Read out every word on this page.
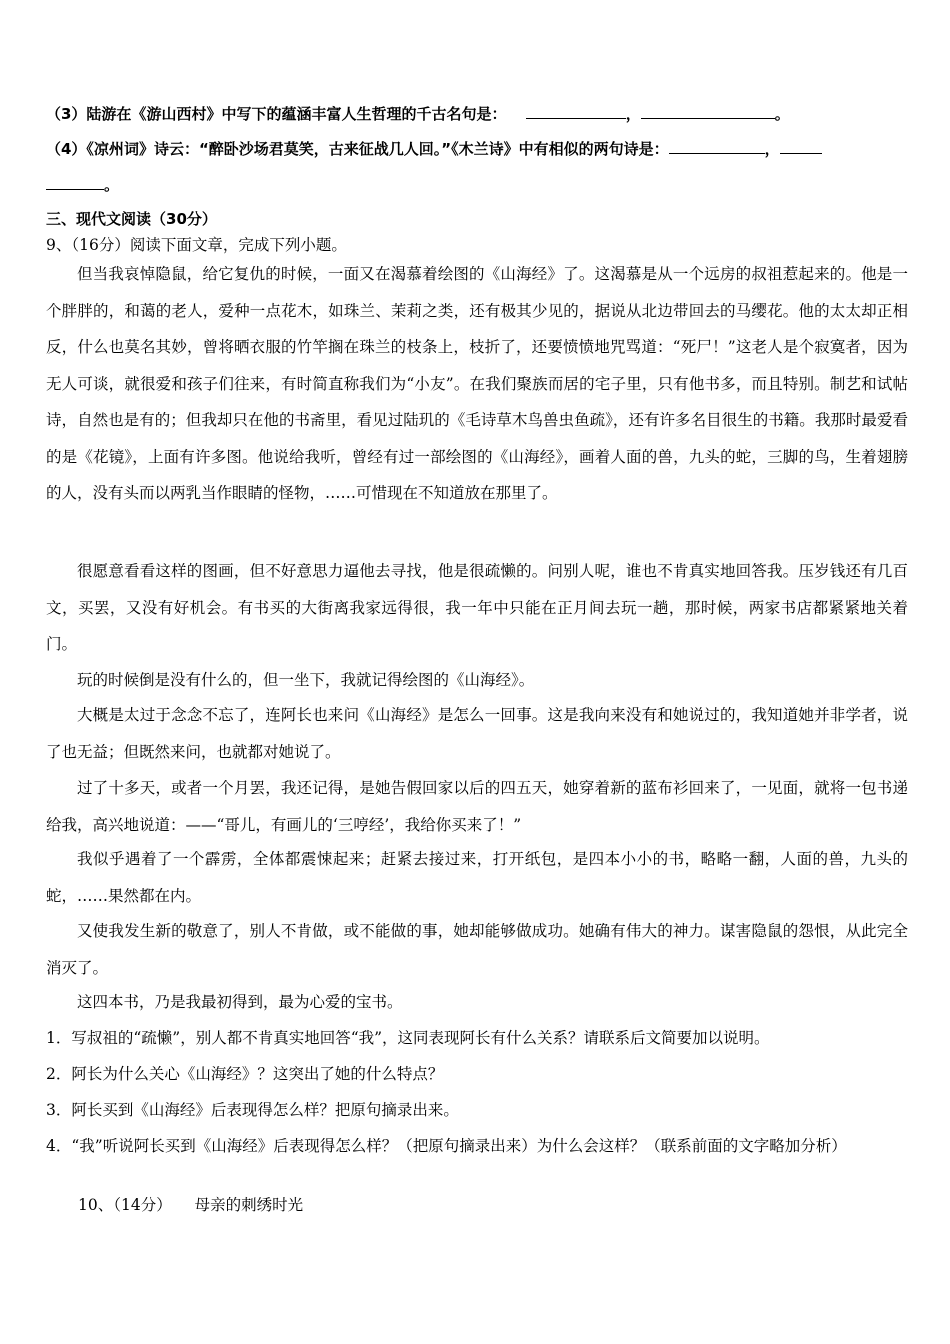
（3）陆游在《游山西村》中写下的蕴涵丰富人生哲理的千古名句是：	，	。
（4）《凉州词》诗云：“醉卧沙场君莫笑，古来征战几人回。”《木兰诗》中有相似的两句诗是：	，
。
三、现代文阅读（30分）
9、（16分）阅读下面文章，完成下列小题。
但当我哀悼隐鼠，给它复仇的时候，一面又在渴慕着绘图的《山海经》了。这渴慕是从一个远房的叔祖惹起来的。他是一个胖胖的，和蔼的老人，爱种一点花木，如珠兰、茉莉之类，还有极其少见的，据说从北边带回去的马缨花。他的太太却正相反，什么也莫名其妙，曾将晒衣服的竹竿搁在珠兰的枝条上，枝折了，还要愤愤地咒骂道：“死尸！”这老人是个寂寞者，因为无人可谈，就很爱和孩子们往来，有时简直称我们为“小友”。在我们聚族而居的宅子里，只有他书多，而且特别。制艺和试帖诗，自然也是有的；但我却只在他的书斋里，看见过陆玑的《毛诗草木鸟兽虫鱼疏》，还有许多名目很生的书籍。我那时最爱看的是《花镜》，上面有许多图。他说给我听，曾经有过一部绘图的《山海经》，画着人面的兽，九头的蛇，三脚的鸟，生着翅膀的人，没有头而以两乳当作眼睛的怪物，……可惜现在不知道放在那里了。
很愿意看看这样的图画，但不好意思力逼他去寻找，他是很疏懒的。问别人呢，谁也不肯真实地回答我。压岁钱还有几百文，买罢，又没有好机会。有书买的大街离我家远得很，我一年中只能在正月间去玩一趟，那时候，两家书店都紧紧地关着门。
玩的时候倒是没有什么的，但一坐下，我就记得绘图的《山海经》。
大概是太过于念念不忘了，连阿长也来问《山海经》是怎么一回事。这是我向来没有和她说过的，我知道她并非学者，说了也无益；但既然来问，也就都对她说了。
过了十多天，或者一个月罢，我还记得，是她告假回家以后的四五天，她穿着新的蓝布衫回来了，一见面，就将一包书递给我，高兴地说道：——“哥儿，有画儿的‘三哼经’，我给你买来了！”
我似乎遇着了一个霹雳，全体都震悚起来；赶紧去接过来，打开纸包，是四本小小的书，略略一翻，人面的兽，九头的蛇，……果然都在内。
又使我发生新的敬意了，别人不肯做，或不能做的事，她却能够做成功。她确有伟大的神力。谋害隐鼠的怨恨，从此完全消灭了。
这四本书，乃是我最初得到，最为心爱的宝书。
1．写叔祖的“疏懒”，别人都不肯真实地回答“我”，这同表现阿长有什么关系？请联系后文简要加以说明。
2．阿长为什么关心《山海经》？这突出了她的什么特点？
3．阿长买到《山海经》后表现得怎么样？把原句摘录出来。
4．“我”听说阿长买到《山海经》后表现得怎么样？（把原句摘录出来）为什么会这样？（联系前面的文字略加分析）
10、（14分） 母亲的刺绣时光
